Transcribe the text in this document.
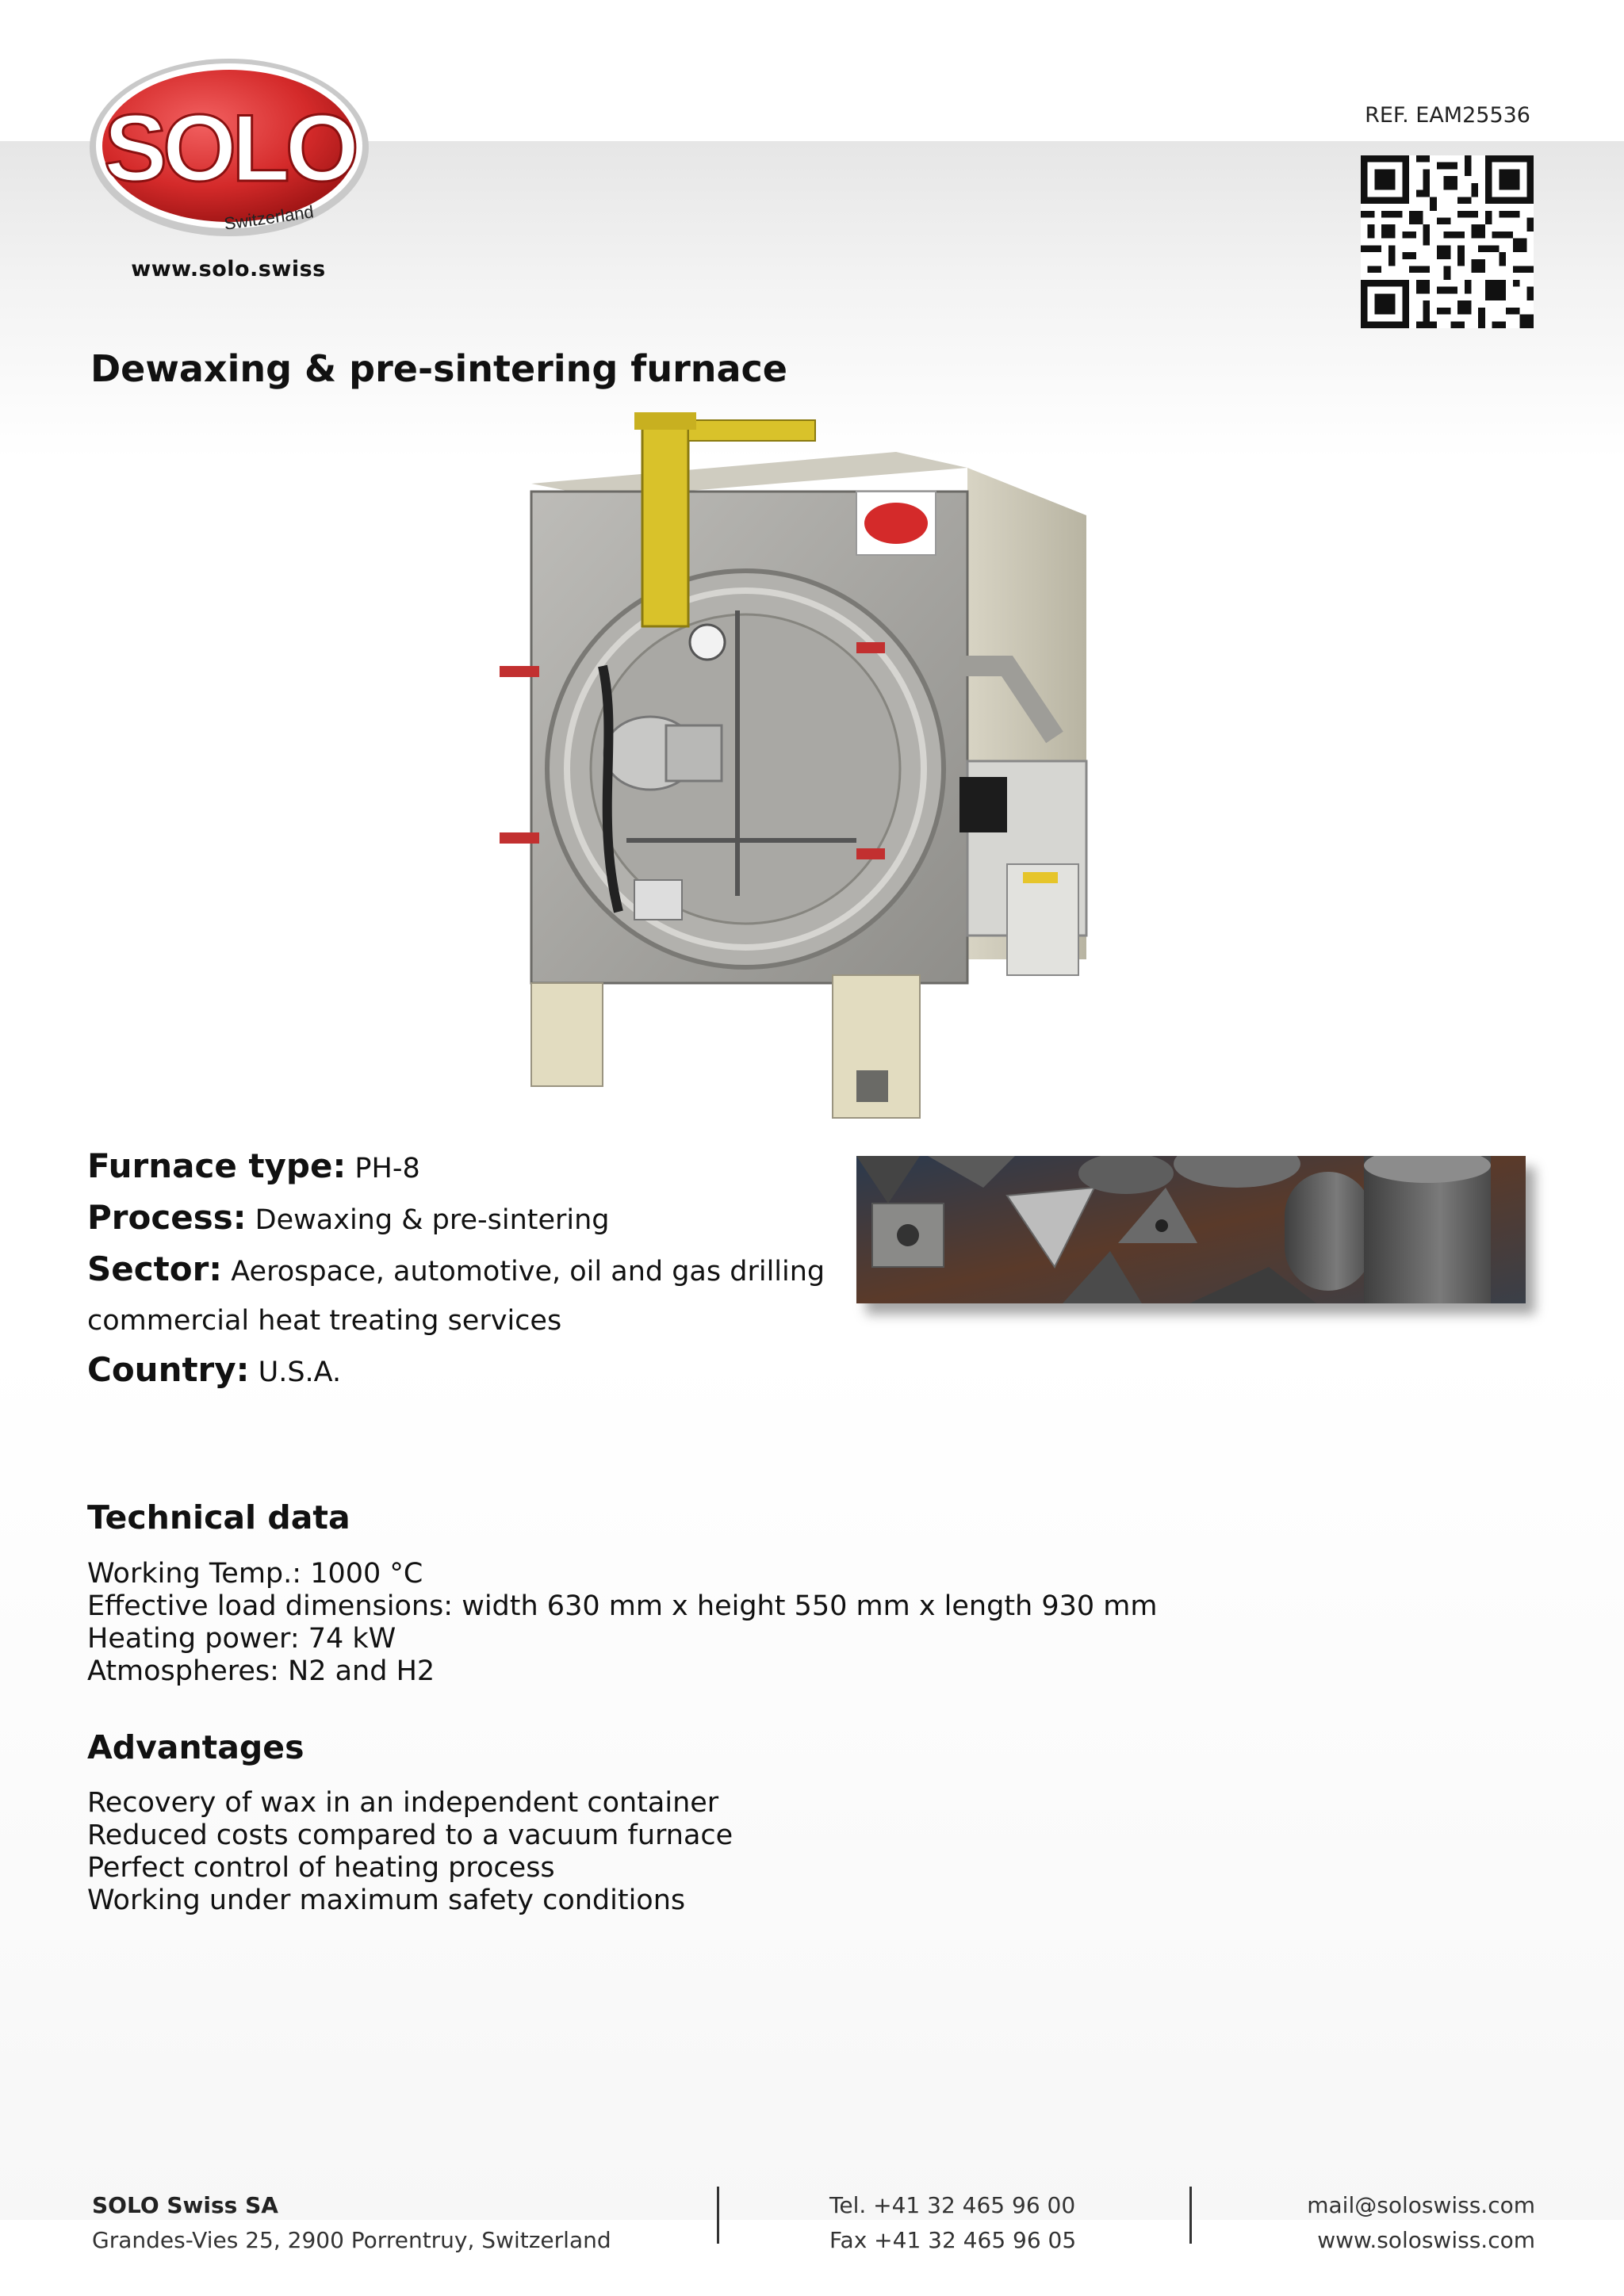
SOLO
Switzerland
www.solo.swiss
REF. EAM25536
Dewaxing & pre-sintering furnace
Furnace type: PH-8
Process: Dewaxing & pre-sintering
Sector: Aerospace, automotive, oil and gas drilling
commercial heat treating services
Country: U.S.A.
Technical data
Working Temp.: 1000 °C
Effective load dimensions: width 630 mm x height 550 mm x length 930 mm
Heating power: 74 kW
Atmospheres: N2 and H2
Advantages
Recovery of wax in an independent container
Reduced costs compared to a vacuum furnace
Perfect control of heating process
Working under maximum safety conditions
SOLO Swiss SA
Grandes-Vies 25, 2900 Porrentruy, Switzerland
Tel. +41 32 465 96 00
Fax +41 32 465 96 05
mail@soloswiss.com
www.soloswiss.com
